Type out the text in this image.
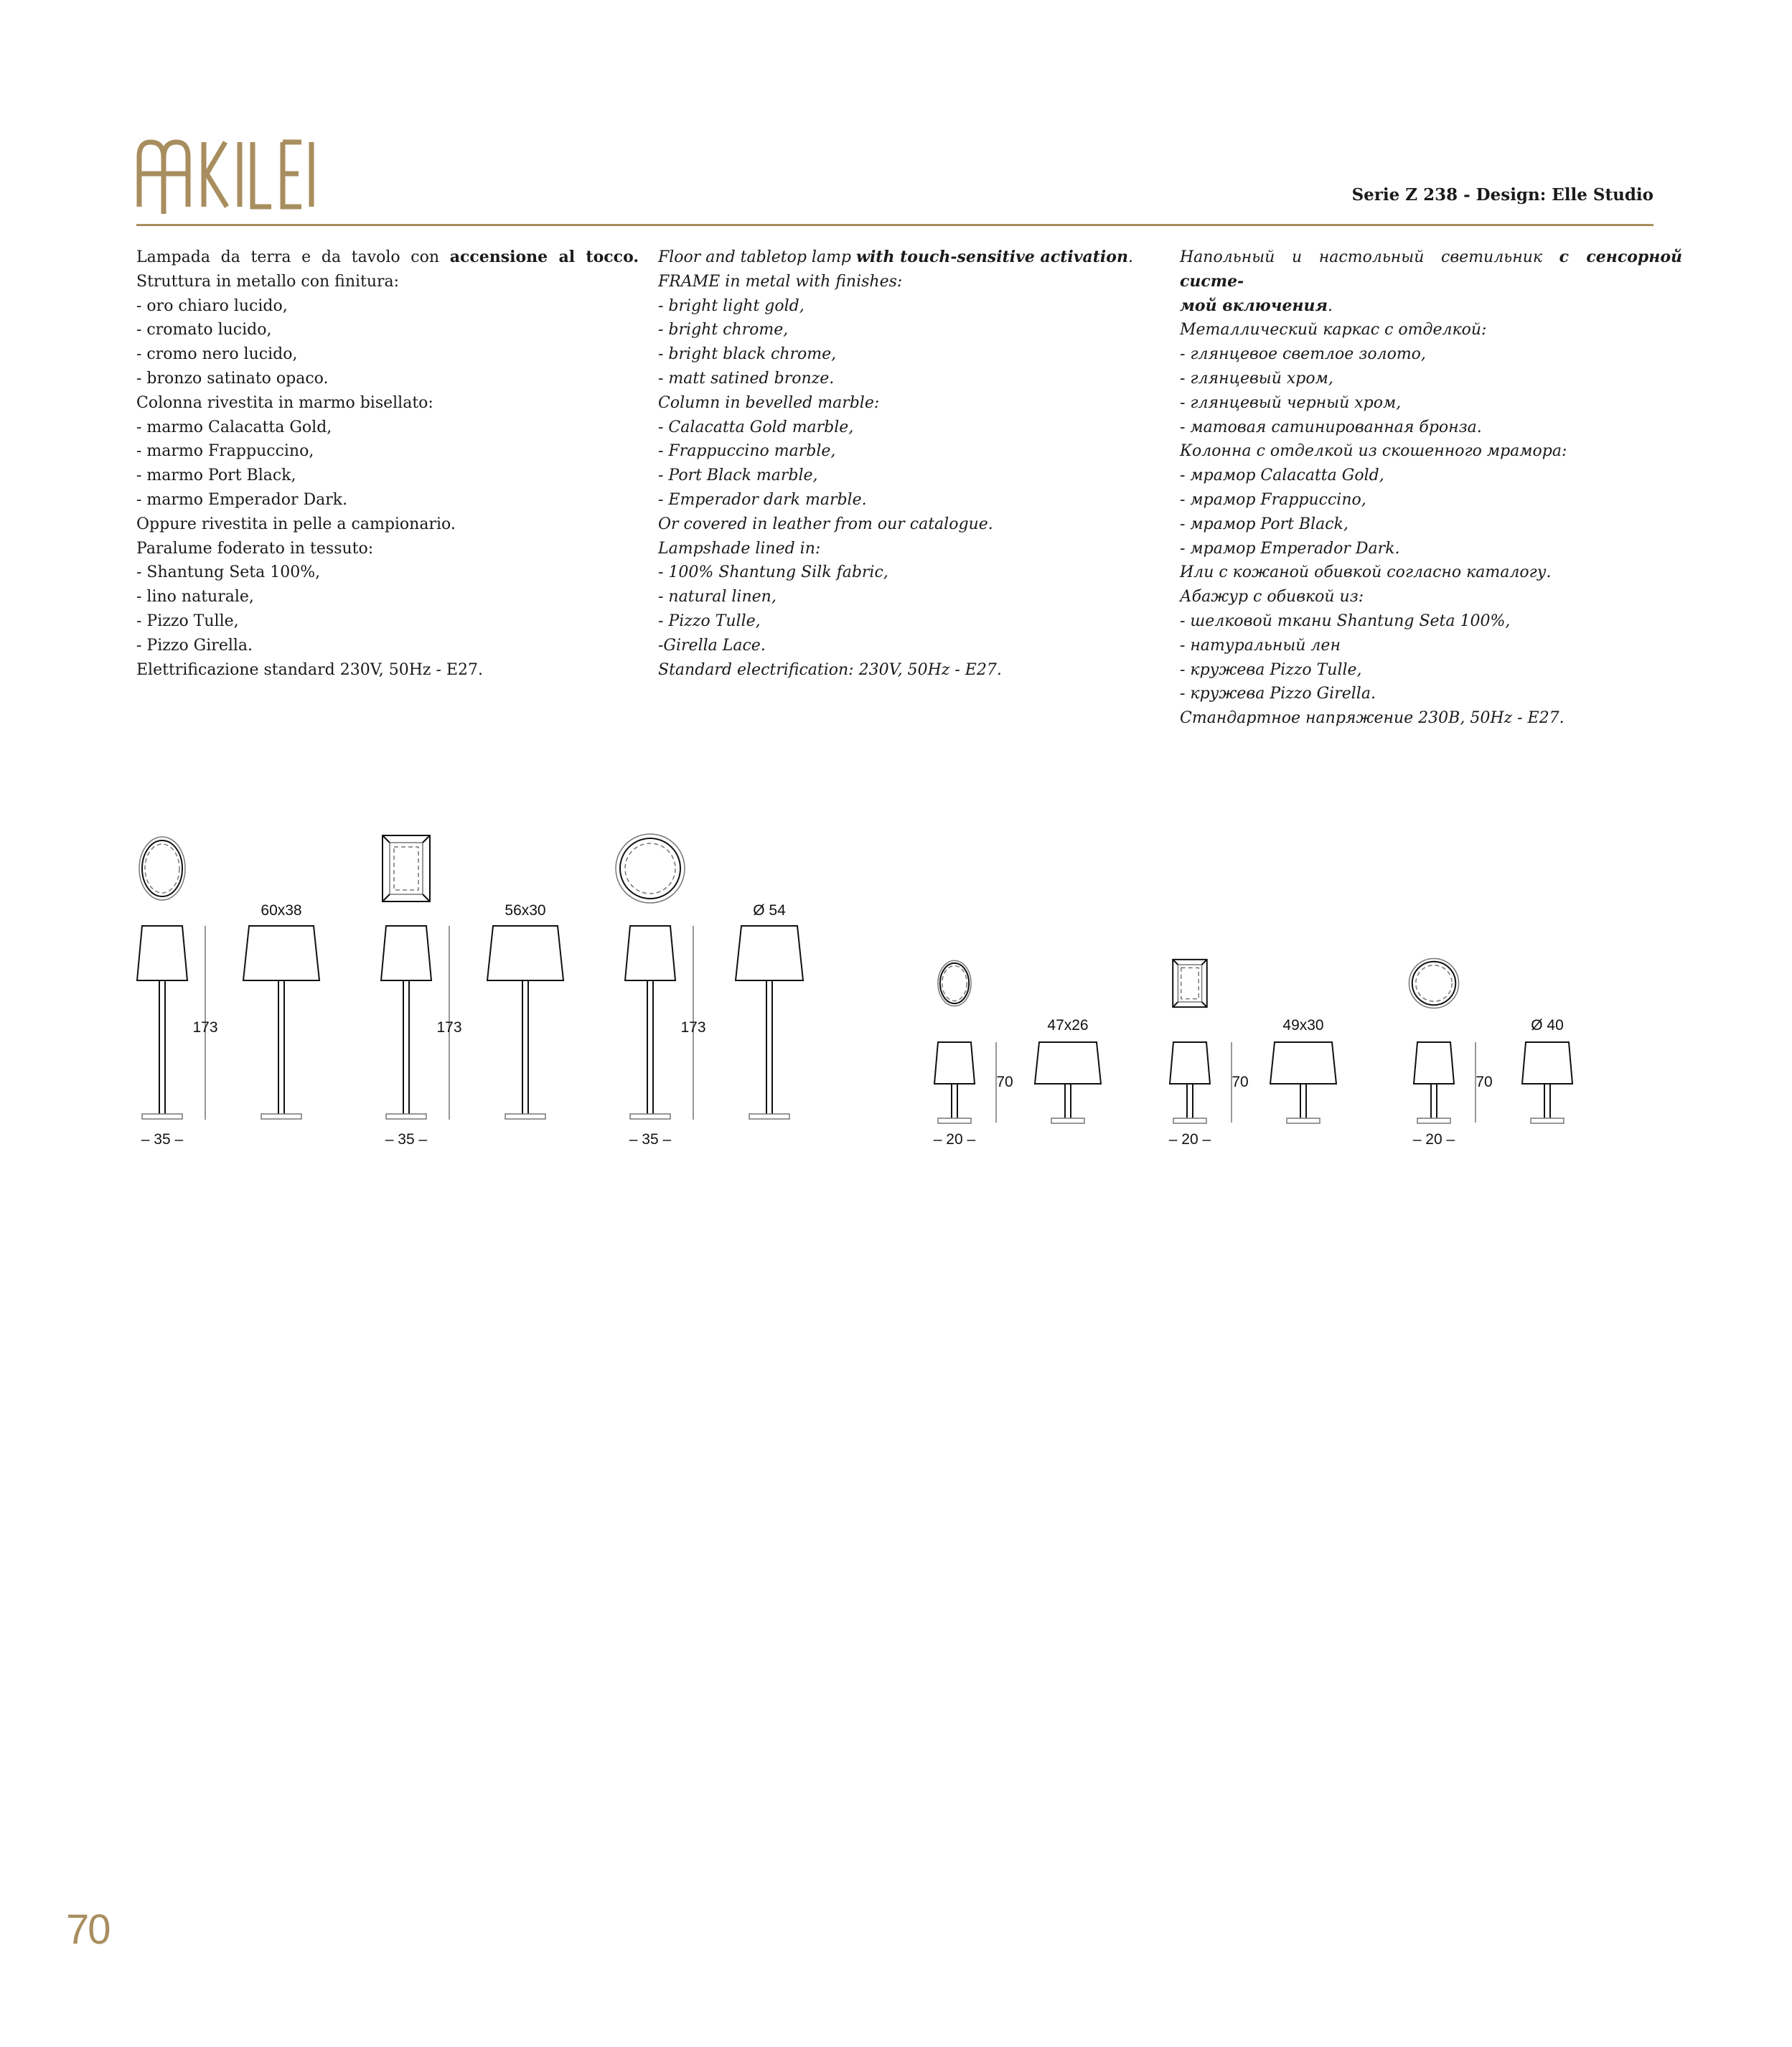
Serie Z 238 - Design: Elle Studio

Lampada da terra e da tavolo con accensione al tocco.

Struttura in metallo con finitura:

- oro chiaro lucido,

- cromato lucido,

- cromo nero lucido,

- bronzo satinato opaco.

Colonna rivestita in marmo bisellato:

- marmo Calacatta Gold,

- marmo Frappuccino,

- marmo Port Black,

- marmo Emperador Dark.

Oppure rivestita in pelle a campionario.

Paralume foderato in tessuto:

- Shantung Seta 100%,

- lino naturale,

- Pizzo Tulle,

- Pizzo Girella.

Elettrificazione standard 230V, 50Hz - E27.

Floor and tabletop lamp with touch-sensitive activation.

FRAME in metal with finishes:

- bright light gold,

- bright chrome,

- bright black chrome,

- matt satined bronze.

Column in bevelled marble:

- Calacatta Gold marble,

- Frappuccino marble,

- Port Black marble,

- Emperador dark marble.

Or covered in leather from our catalogue.

Lampshade lined in:

- 100% Shantung Silk fabric,

- natural linen,

- Pizzo Tulle,

-Girella Lace.

Standard electrification: 230V, 50Hz - E27.

Напольный и настольный светильник с сенсорной систе-

мой включения.

Металлический каркас с отделкой:

- глянцевое светлое золото,

- глянцевый хром,

- глянцевый черный хром,

- матовая сатинированная бронза.

Колонна с отделкой из скошенного мрамора:

- мрамор Calacatta Gold,

- мрамор Frappuccino,

- мрамор Port Black,

- мрамор Emperador Dark.

Или с кожаной обивкой согласно каталогу.

Абажур с обивкой из:

- шелковой ткани Shantung Seta 100%,

- натуральный лен

- кружева Pizzo Tulle,

- кружева Pizzo Girella.

Стандартное напряжение 230В, 50Hz - E27.

173
– 35 –
60x38
173
– 35 –
56x30
173
– 35 –
Ø 54
70
– 20 –
47x26
70
– 20 –
49x30
70
– 20 –
Ø 40
70
